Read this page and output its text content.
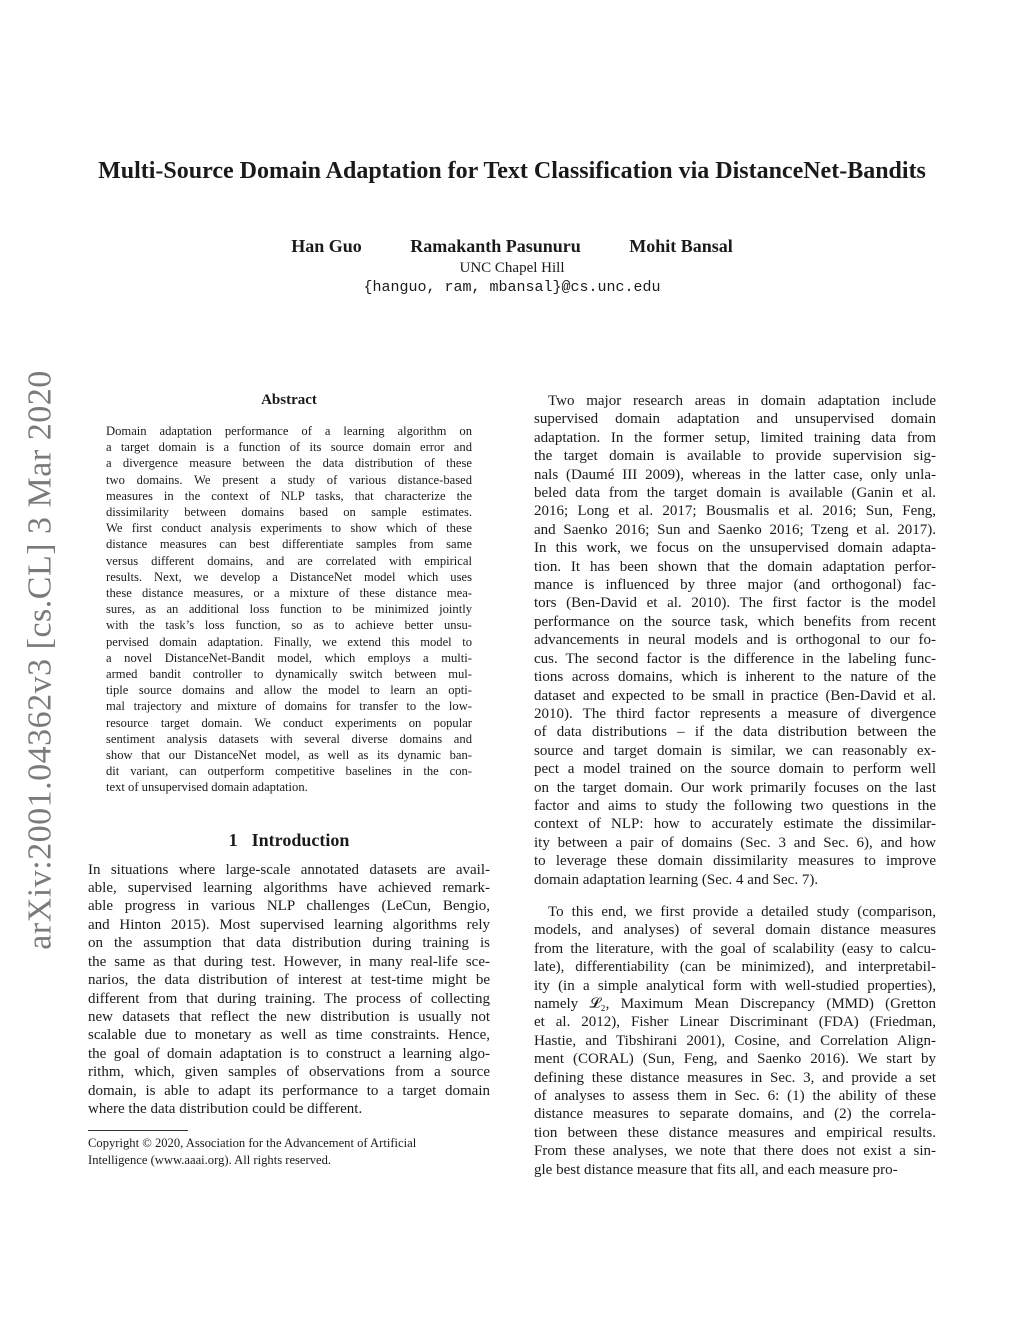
arXiv:2001.04362v3 [cs.CL] 3 Mar 2020
Multi-Source Domain Adaptation for Text Classification via DistanceNet-Bandits
Han Guo	Ramakanth Pasunuru	Mohit Bansal
UNC Chapel Hill
{hanguo, ram, mbansal}@cs.unc.edu
Abstract
Domain adaptation performance of a learning algorithm on
a target domain is a function of its source domain error and
a divergence measure between the data distribution of these
two domains. We present a study of various distance-based
measures in the context of NLP tasks, that characterize the
dissimilarity between domains based on sample estimates.
We first conduct analysis experiments to show which of these
distance measures can best differentiate samples from same
versus different domains, and are correlated with empirical
results. Next, we develop a DistanceNet model which uses
these distance measures, or a mixture of these distance mea-
sures, as an additional loss function to be minimized jointly
with the task’s loss function, so as to achieve better unsu-
pervised domain adaptation. Finally, we extend this model to
a novel DistanceNet-Bandit model, which employs a multi-
armed bandit controller to dynamically switch between mul-
tiple source domains and allow the model to learn an opti-
mal trajectory and mixture of domains for transfer to the low-
resource target domain. We conduct experiments on popular
sentiment analysis datasets with several diverse domains and
show that our DistanceNet model, as well as its dynamic ban-
dit variant, can outperform competitive baselines in the con-
text of unsupervised domain adaptation.
1 Introduction
In situations where large-scale annotated datasets are avail-
able, supervised learning algorithms have achieved remark-
able progress in various NLP challenges (LeCun, Bengio,
and Hinton 2015). Most supervised learning algorithms rely
on the assumption that data distribution during training is
the same as that during test. However, in many real-life sce-
narios, the data distribution of interest at test-time might be
different from that during training. The process of collecting
new datasets that reflect the new distribution is usually not
scalable due to monetary as well as time constraints. Hence,
the goal of domain adaptation is to construct a learning algo-
rithm, which, given samples of observations from a source
domain, is able to adapt its performance to a target domain
where the data distribution could be different.
Copyright © 2020, Association for the Advancement of Artificial
Intelligence (www.aaai.org). All rights reserved.
Two major research areas in domain adaptation include
supervised domain adaptation and unsupervised domain
adaptation. In the former setup, limited training data from
the target domain is available to provide supervision sig-
nals (Daumé III 2009), whereas in the latter case, only unla-
beled data from the target domain is available (Ganin et al.
2016; Long et al. 2017; Bousmalis et al. 2016; Sun, Feng,
and Saenko 2016; Sun and Saenko 2016; Tzeng et al. 2017).
In this work, we focus on the unsupervised domain adapta-
tion. It has been shown that the domain adaptation perfor-
mance is influenced by three major (and orthogonal) fac-
tors (Ben-David et al. 2010). The first factor is the model
performance on the source task, which benefits from recent
advancements in neural models and is orthogonal to our fo-
cus. The second factor is the difference in the labeling func-
tions across domains, which is inherent to the nature of the
dataset and expected to be small in practice (Ben-David et al.
2010). The third factor represents a measure of divergence
of data distributions – if the data distribution between the
source and target domain is similar, we can reasonably ex-
pect a model trained on the source domain to perform well
on the target domain. Our work primarily focuses on the last
factor and aims to study the following two questions in the
context of NLP: how to accurately estimate the dissimilar-
ity between a pair of domains (Sec. 3 and Sec. 6), and how
to leverage these domain dissimilarity measures to improve
domain adaptation learning (Sec. 4 and Sec. 7).
To this end, we first provide a detailed study (comparison,
models, and analyses) of several domain distance measures
from the literature, with the goal of scalability (easy to calcu-
late), differentiability (can be minimized), and interpretabil-
ity (in a simple analytical form with well-studied properties),
namely 𝓛₂, Maximum Mean Discrepancy (MMD) (Gretton
et al. 2012), Fisher Linear Discriminant (FDA) (Friedman,
Hastie, and Tibshirani 2001), Cosine, and Correlation Align-
ment (CORAL) (Sun, Feng, and Saenko 2016). We start by
defining these distance measures in Sec. 3, and provide a set
of analyses to assess them in Sec. 6: (1) the ability of these
distance measures to separate domains, and (2) the correla-
tion between these distance measures and empirical results.
From these analyses, we note that there does not exist a sin-
gle best distance measure that fits all, and each measure pro-
